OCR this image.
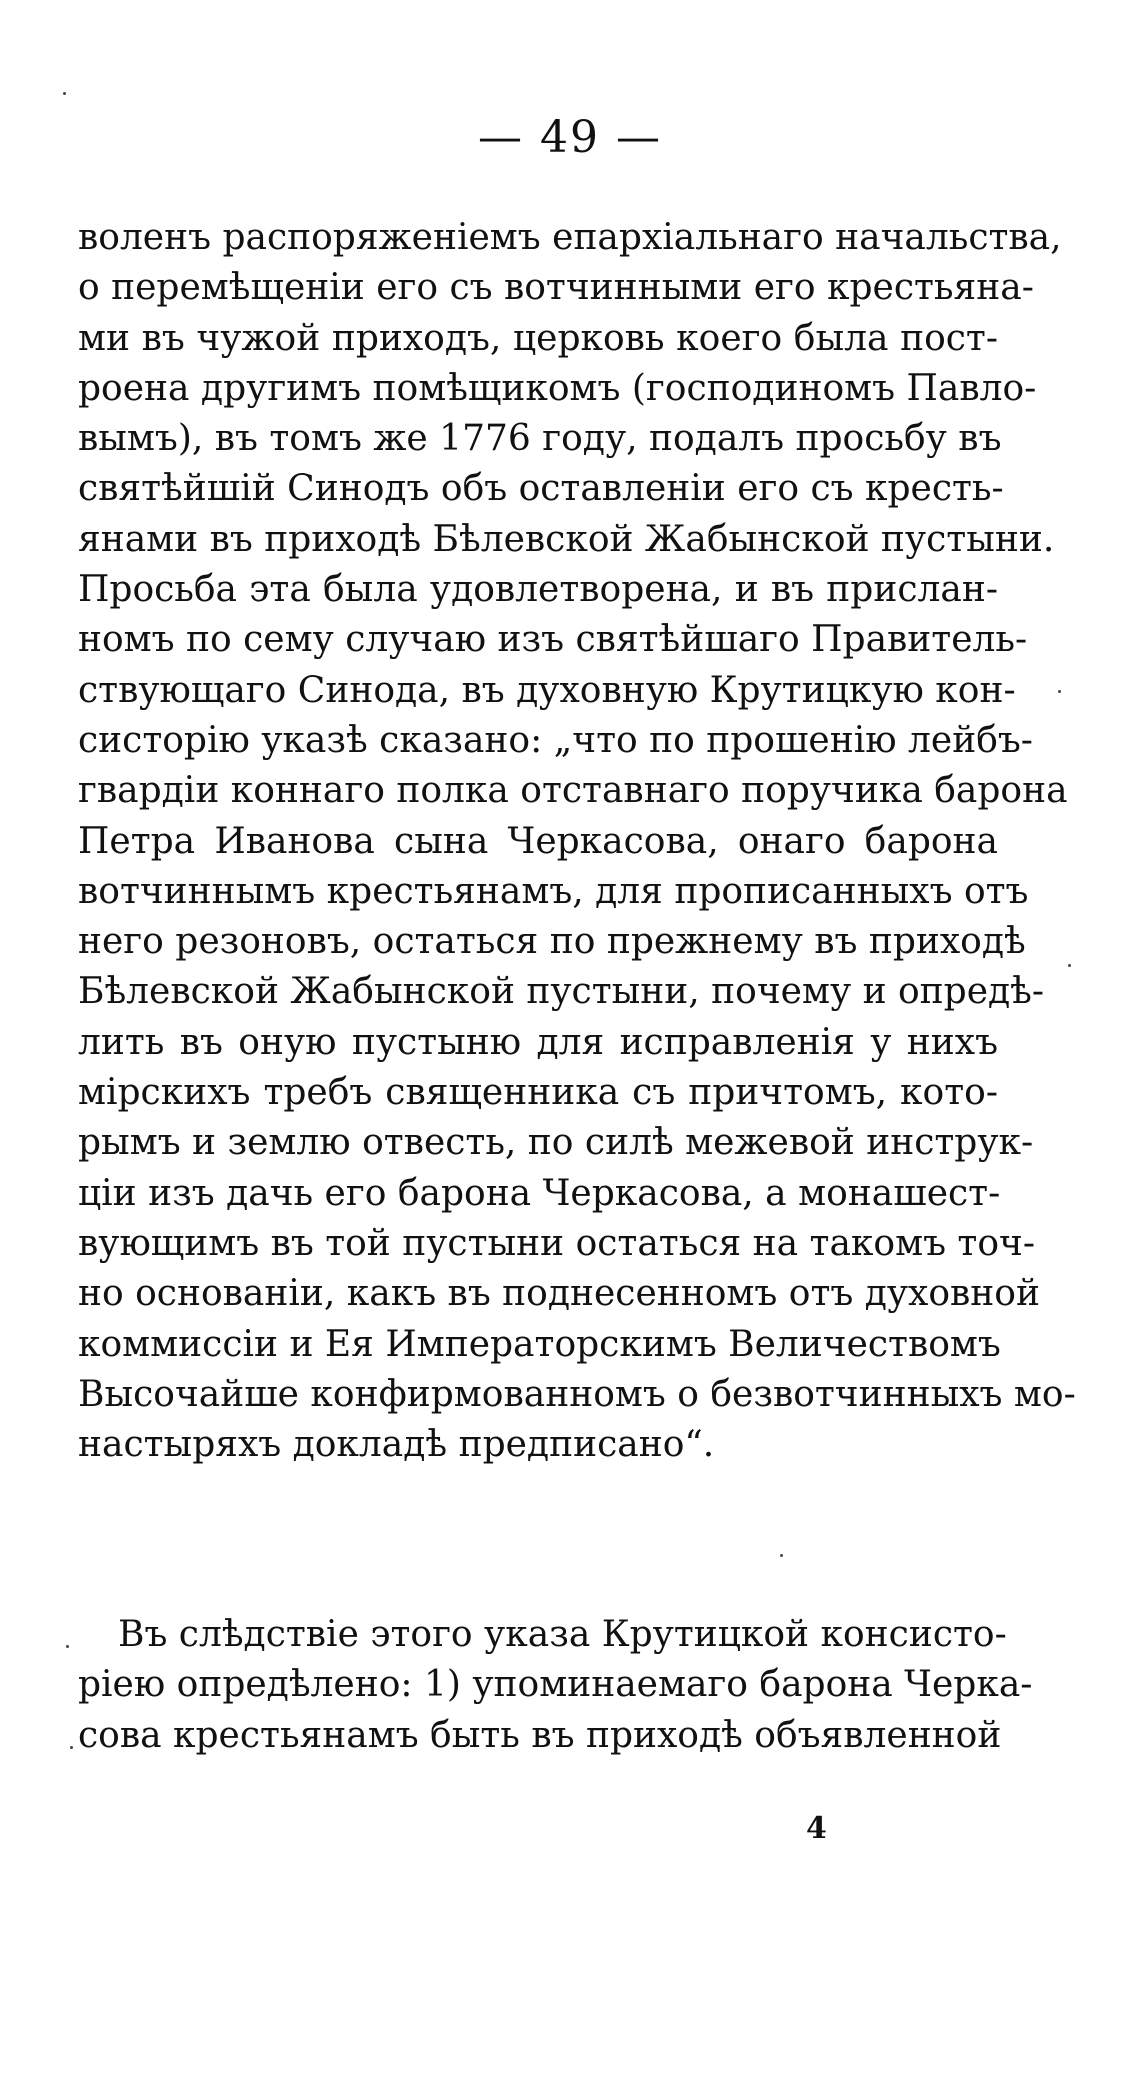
— 49 —
воленъ распоряженіемъ епархіальнаго начальства,
о перемѣщеніи его съ вотчинными его крестьяна-
ми въ чужой приходъ, церковь коего была пост-
роена другимъ помѣщикомъ (господиномъ Павло-
вымъ), въ томъ же 1776 году, подалъ просьбу въ
святѣйшій Синодъ объ оставленіи его съ кресть-
янами въ приходѣ Бѣлевской Жабынской пустыни.
Просьба эта была удовлетворена, и въ прислан-
номъ по сему случаю изъ святѣйшаго Правитель-
ствующаго Синода, въ духовную Крутицкую кон-
систорію указѣ сказано: „что по прошенію лейбъ-
гвардіи коннаго полка отставнаго поручика барона
Петра Иванова сына Черкасова, онаго барона
вотчиннымъ крестьянамъ, для прописанныхъ отъ
него резоновъ, остаться по прежнему въ приходѣ
Бѣлевской Жабынской пустыни, почему и опредѣ-
лить въ оную пустыню для исправленія у нихъ
мірскихъ требъ священника съ причтомъ, кото-
рымъ и землю отвесть, по силѣ межевой инструк-
ціи изъ дачь его барона Черкасова, а монашест-
вующимъ въ той пустыни остаться на такомъ точ-
но основаніи, какъ въ поднесенномъ отъ духовной
коммиссіи и Ея Императорскимъ Величествомъ
Высочайше конфирмованномъ о безвотчинныхъ мо-
настыряхъ докладѣ предписано“.
Въ слѣдствіе этого указа Крутицкой консисто-
ріею опредѣлено: 1) упоминаемаго барона Черка-
сова крестьянамъ быть въ приходѣ объявленной
4
